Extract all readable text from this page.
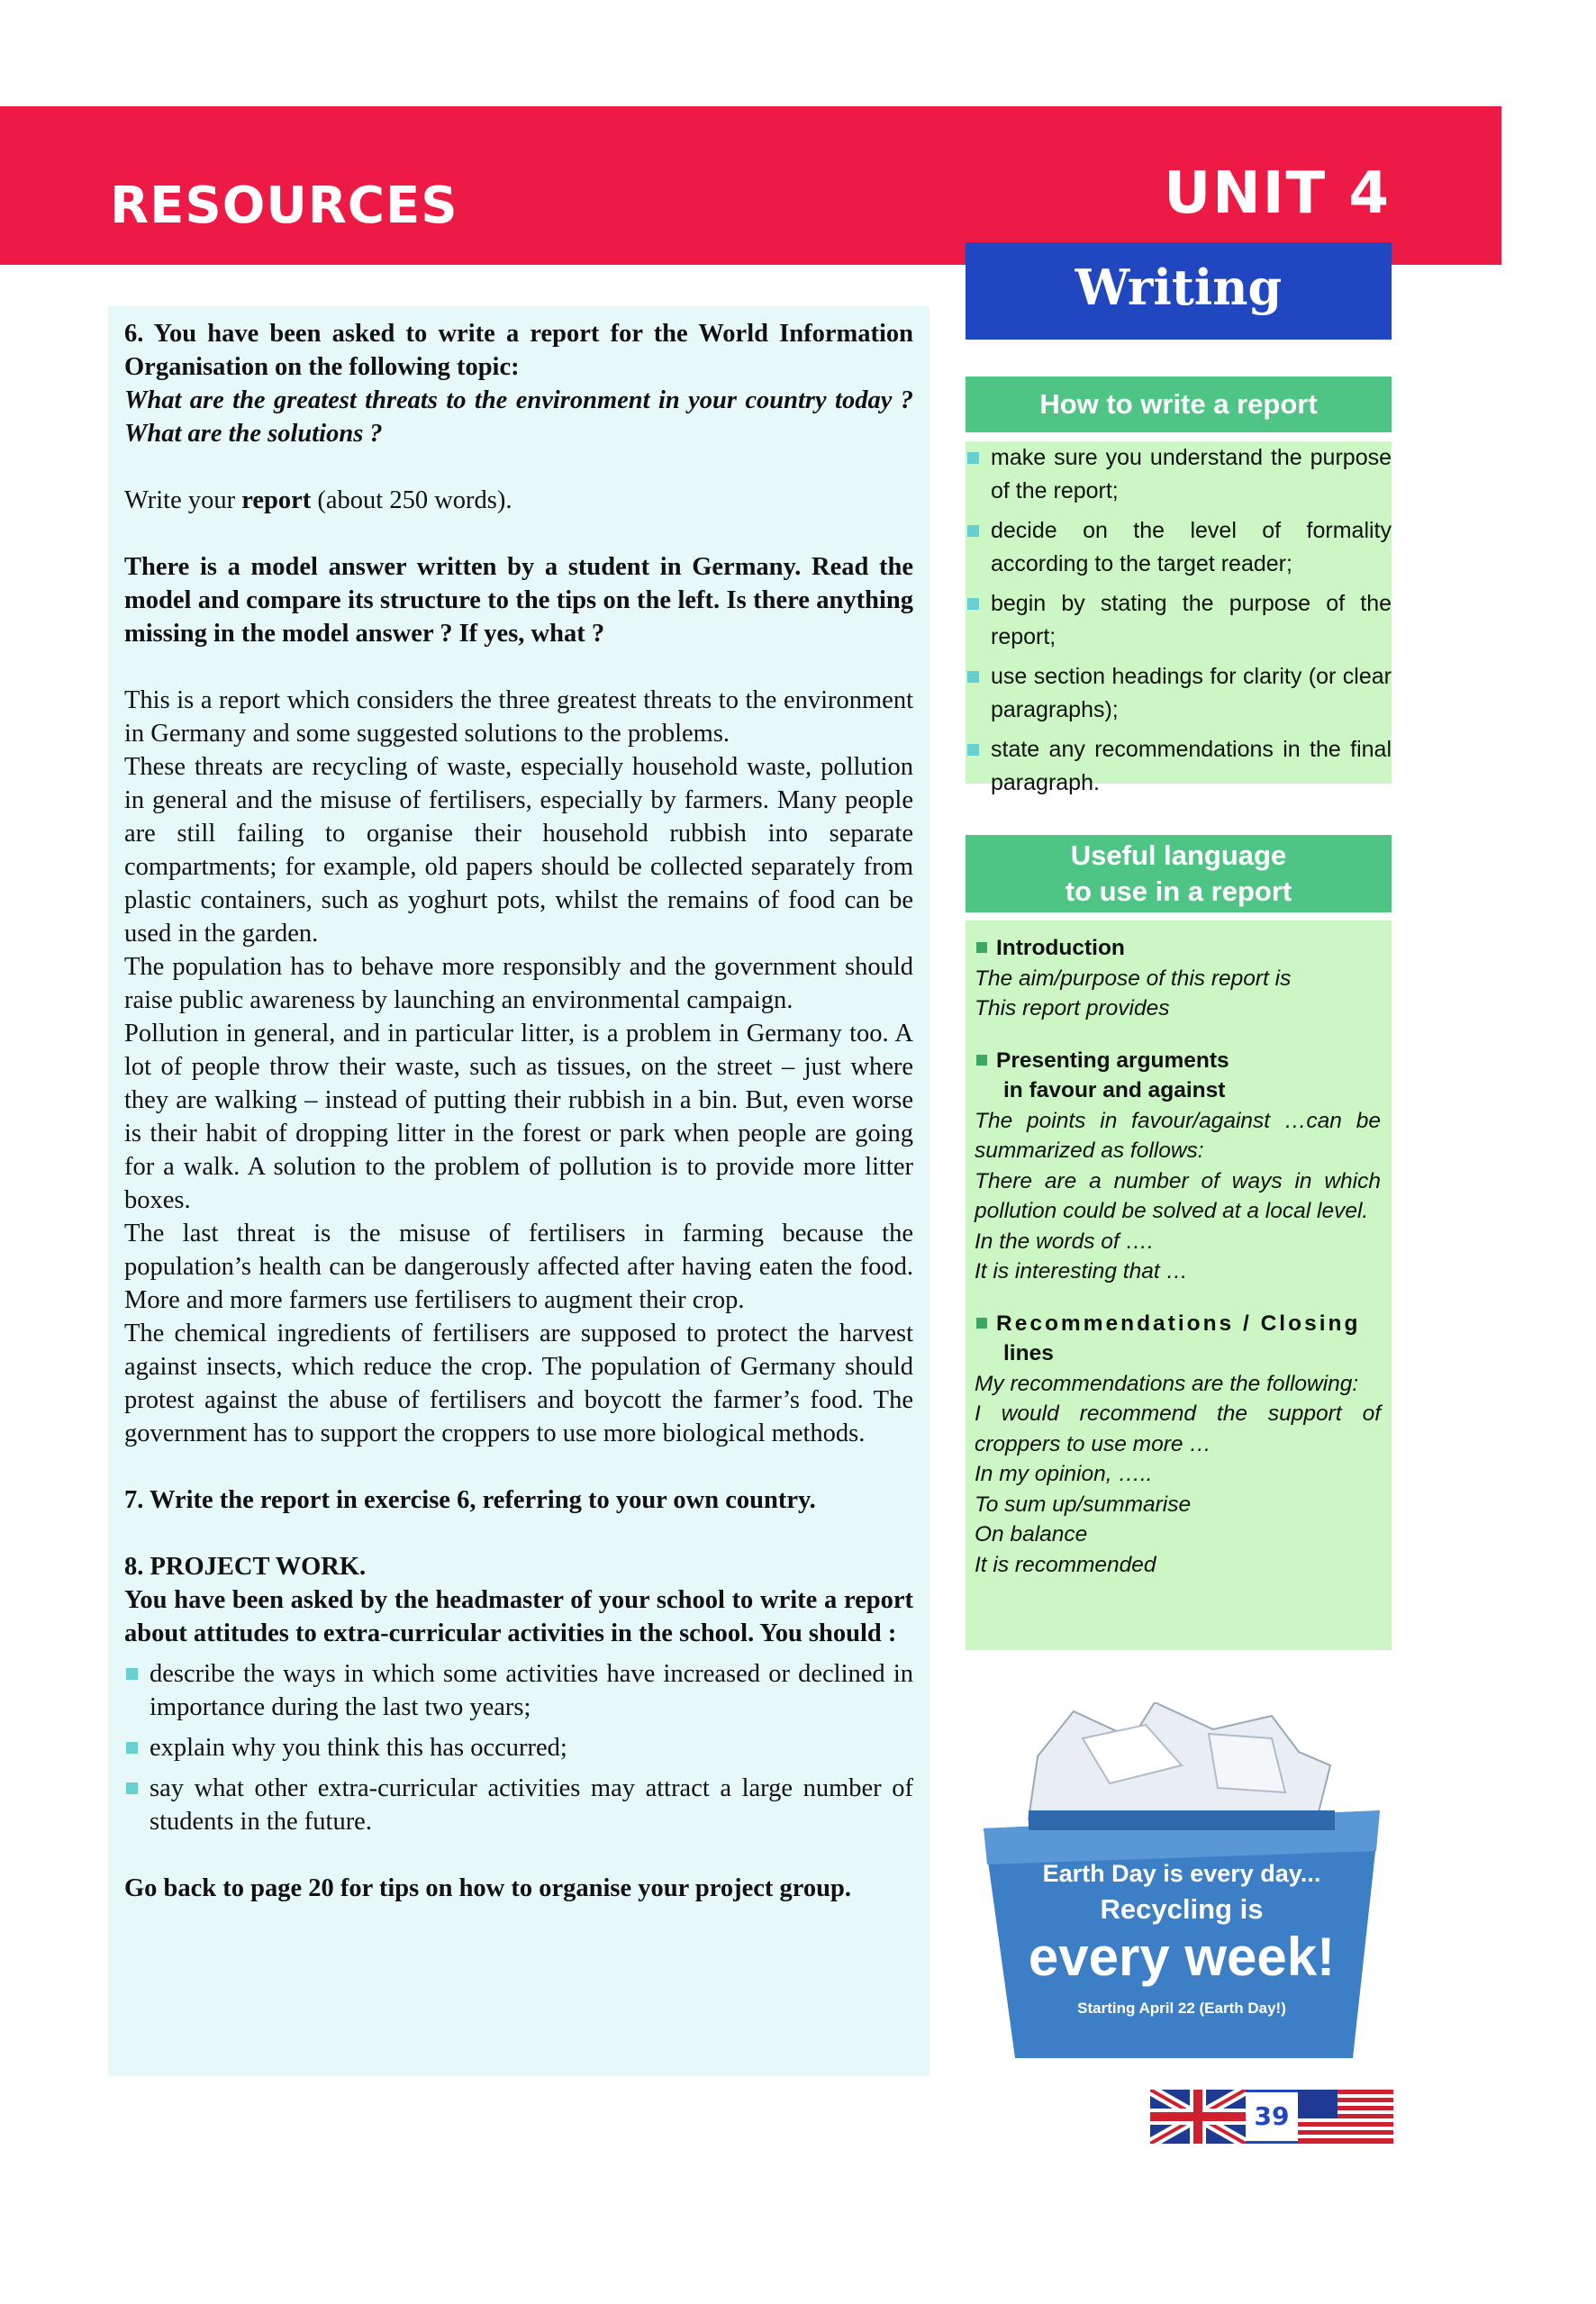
RESOURCES	UNIT 4
Writing

6. You have been asked to write a report for the World Information Organisation on the following topic:

What are the greatest threats to the environment in your country today ? What are the solutions ?

Write your report (about 250 words).

There is a model answer written by a student in Germany. Read the model and compare its structure to the tips on the left. Is there anything missing in the model answer ? If yes, what ?

This is a report which considers the three greatest threats to the environment in Germany and some suggested solutions to the problems.

These threats are recycling of waste, especially household waste, pollution in general and the misuse of fertilisers, especially by farmers. Many people are still failing to organise their household rubbish into separate compartments; for example, old papers should be collected separately from plastic containers, such as yoghurt pots, whilst the remains of food can be used in the garden.

The population has to behave more responsibly and the government should raise public awareness by launching an environmental campaign.

Pollution in general, and in particular litter, is a problem in Germany too. A lot of people throw their waste, such as tissues, on the street – just where they are walking – instead of putting their rubbish in a bin. But, even worse is their habit of dropping litter in the forest or park when people are going for a walk. A solution to the problem of pollution is to provide more litter boxes.

The last threat is the misuse of fertilisers in farming because the population’s health can be dangerously affected after having eaten the food. More and more farmers use fertilisers to augment their crop.

The chemical ingredients of fertilisers are supposed to protect the harvest against insects, which reduce the crop. The population of Germany should protest against the abuse of fertilisers and boycott the farmer’s food. The government has to support the croppers to use more biological methods.

7. Write the report in exercise 6, referring to your own country.

8. PROJECT WORK.

You have been asked by the headmaster of your school to write a report about attitudes to extra-curricular activities in the school. You should :

describe the ways in which some activities have increased or declined in importance during the last two years;
explain why you think this has occurred;
say what other extra-curricular activities may attract a large number of students in the future.

Go back to page 20 for tips on how to organise your project group.

How to write a report
make sure you understand the purpose of the report;
decide on the level of formality according to the target reader;
begin by stating the purpose of the report;
use section headings for clarity (or clear paragraphs);
state any recommendations in the final paragraph.
Useful language
to use in a report
Introduction
The aim/purpose of this report is
This report provides
Presenting arguments
in favour and against
The points in favour/against …can be summarized as follows:
There are a number of ways in which pollution could be solved at a local level.
In the words of ….
It is interesting that …
Recommendations / Closing
lines
My recommendations are the following:
I would recommend the support of croppers to use more …
In my opinion, …..
To sum up/summarise
On balance
It is recommended
Earth Day is every day...
Recycling is
every week!
Starting April 22 (Earth Day!)
39
